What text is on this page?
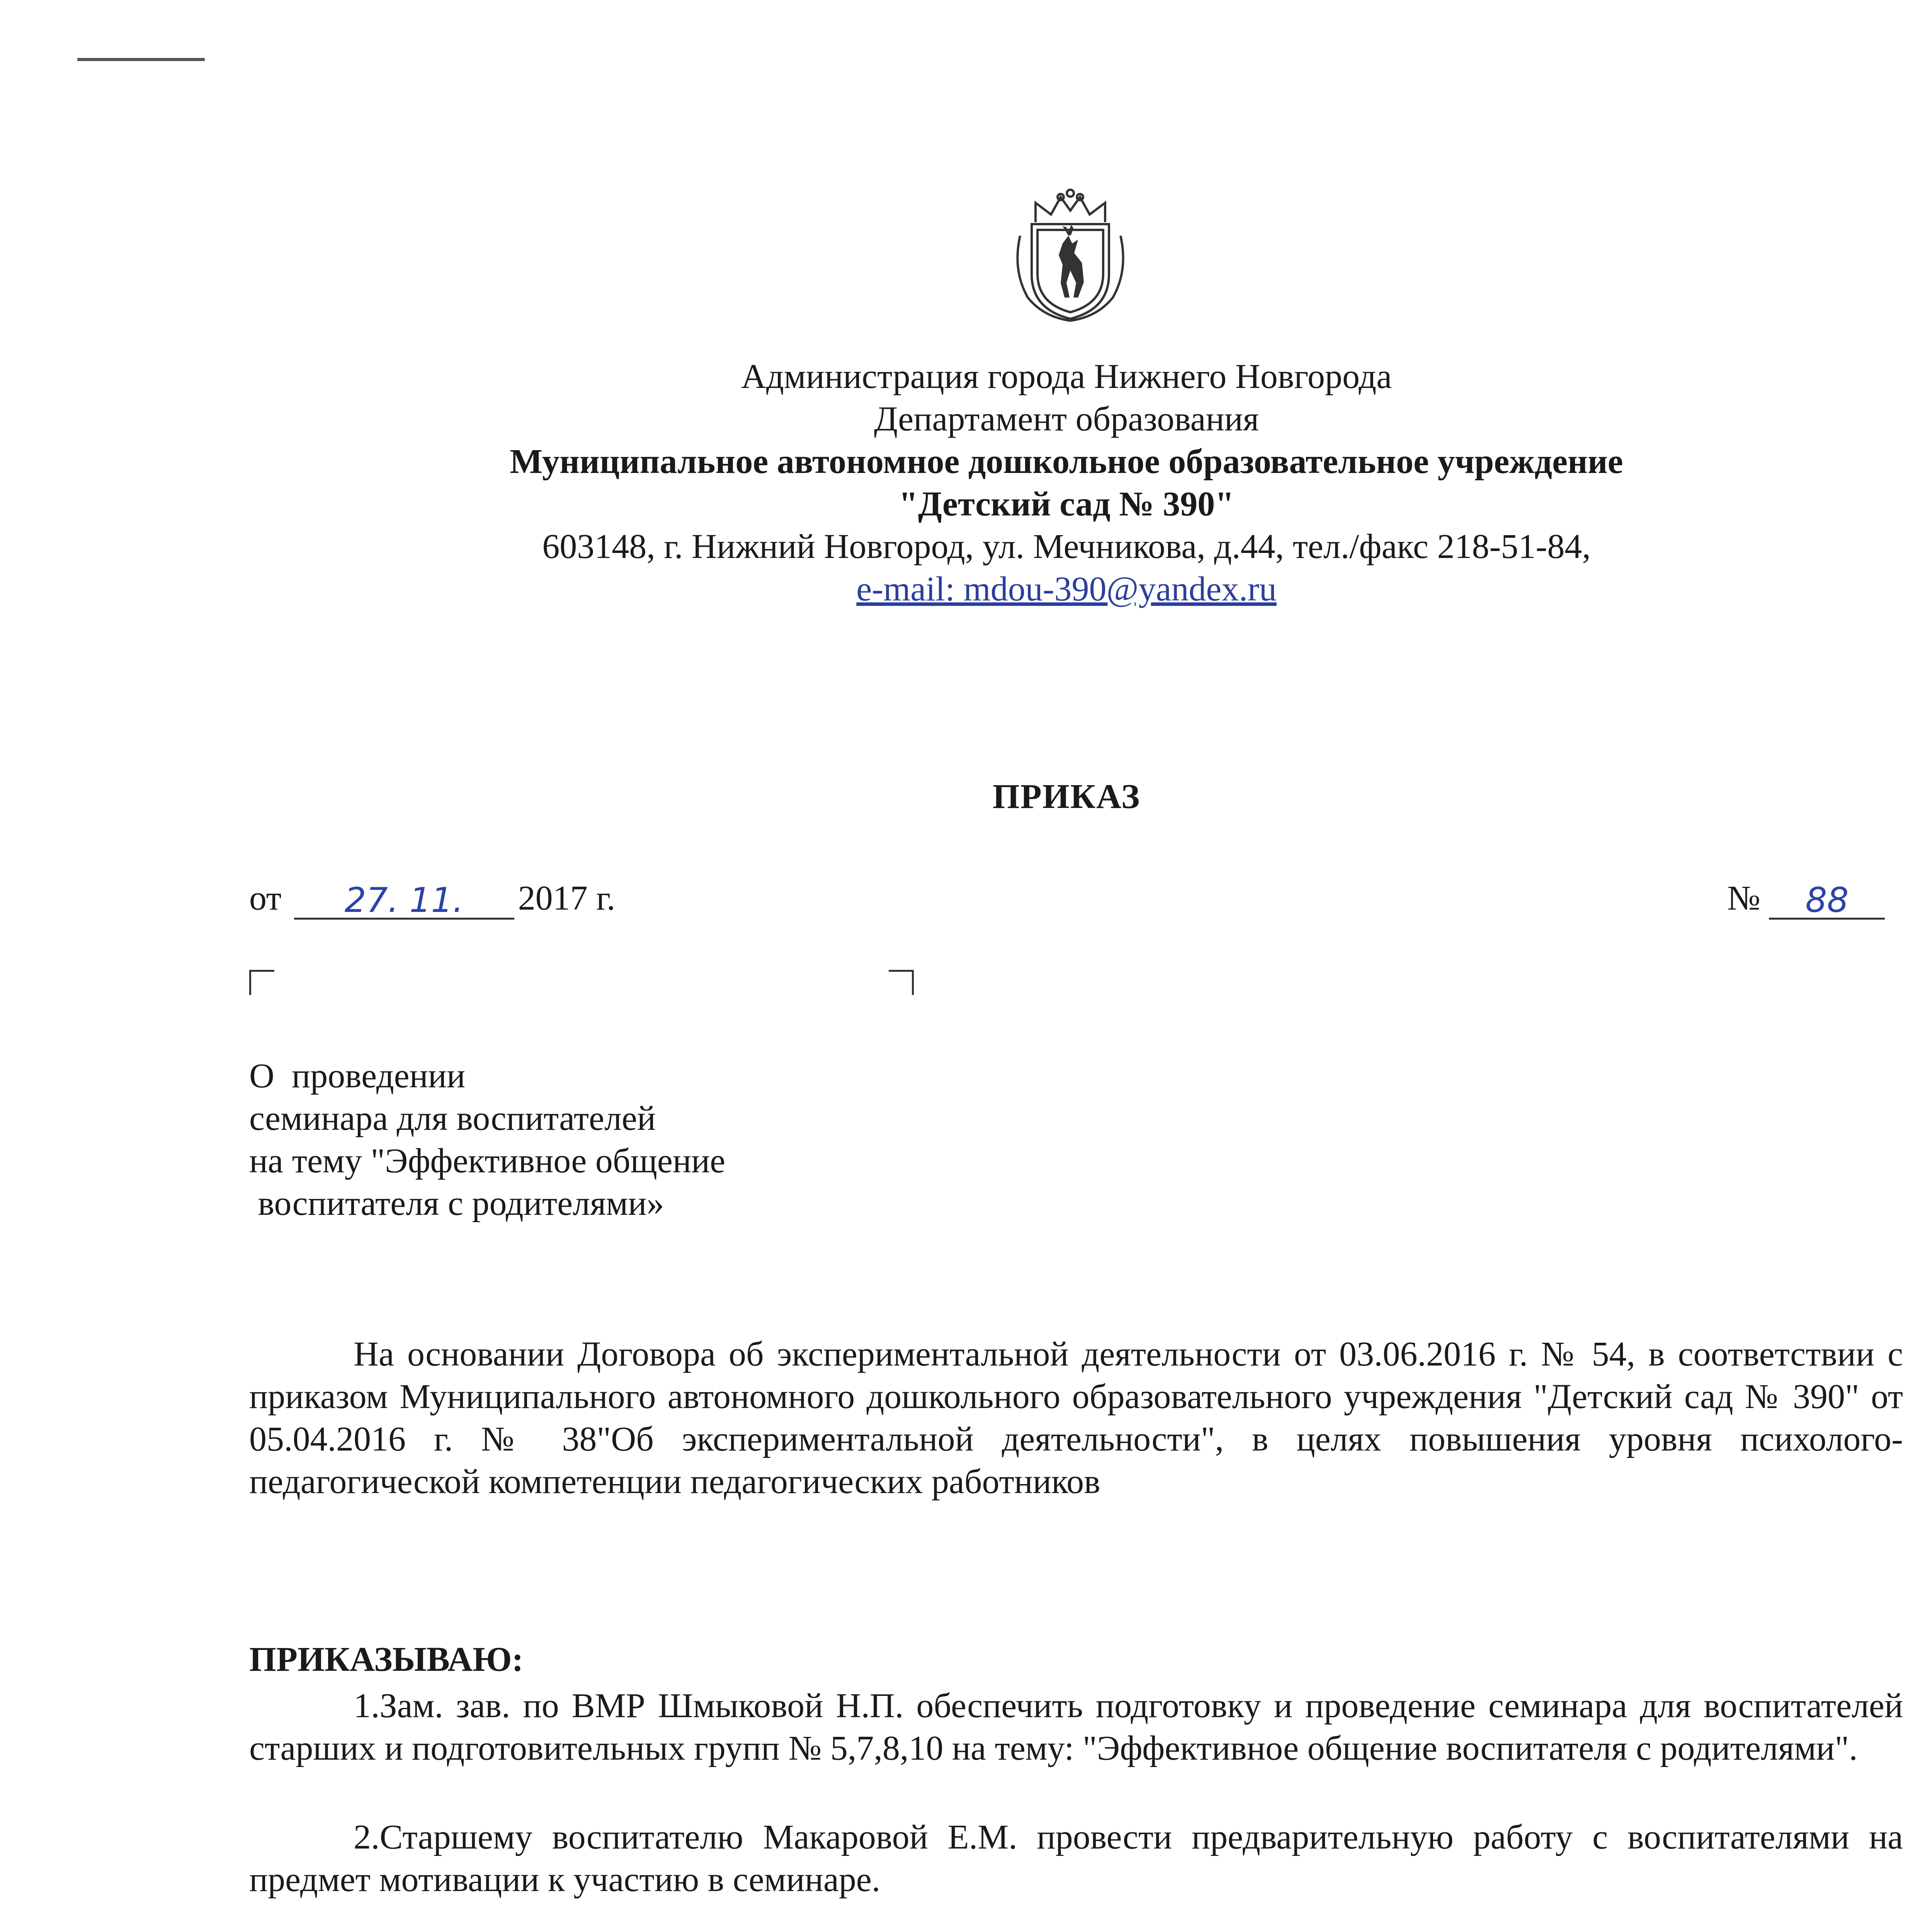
Администрация города Нижнего Новгорода
Департамент образования
Муниципальное автономное дошкольное образовательное учреждение
"Детский сад № 390"
603148, г. Нижний Новгород, ул. Мечникова, д.44, тел./факс 218-51-84,
e-mail: mdou-390@yandex.ru
ПРИКАЗ
от 27. 11. 2017 г.	№ 88
О  проведении
семинара для воспитателей
на тему "Эффективное общение
воспитателя с родителями»
На основании Договора об экспериментальной деятельности от 03.06.2016 г. № 54, в соответствии с приказом Муниципального автономного дошкольного образовательного учреждения "Детский сад № 390" от 05.04.2016 г. № 38"Об экспериментальной деятельности", в целях повышения уровня психолого-педагогической компетенции педагогических работников
ПРИКАЗЫВАЮ:
1.Зам. зав. по ВМР Шмыковой Н.П. обеспечить подготовку и проведение семинара для воспитателей старших и подготовительных групп № 5,7,8,10 на тему: "Эффективное общение воспитателя с родителями".
2.Старшему воспитателю Макаровой Е.М. провести предварительную работу с воспитателями на предмет мотивации к участию в семинаре.
